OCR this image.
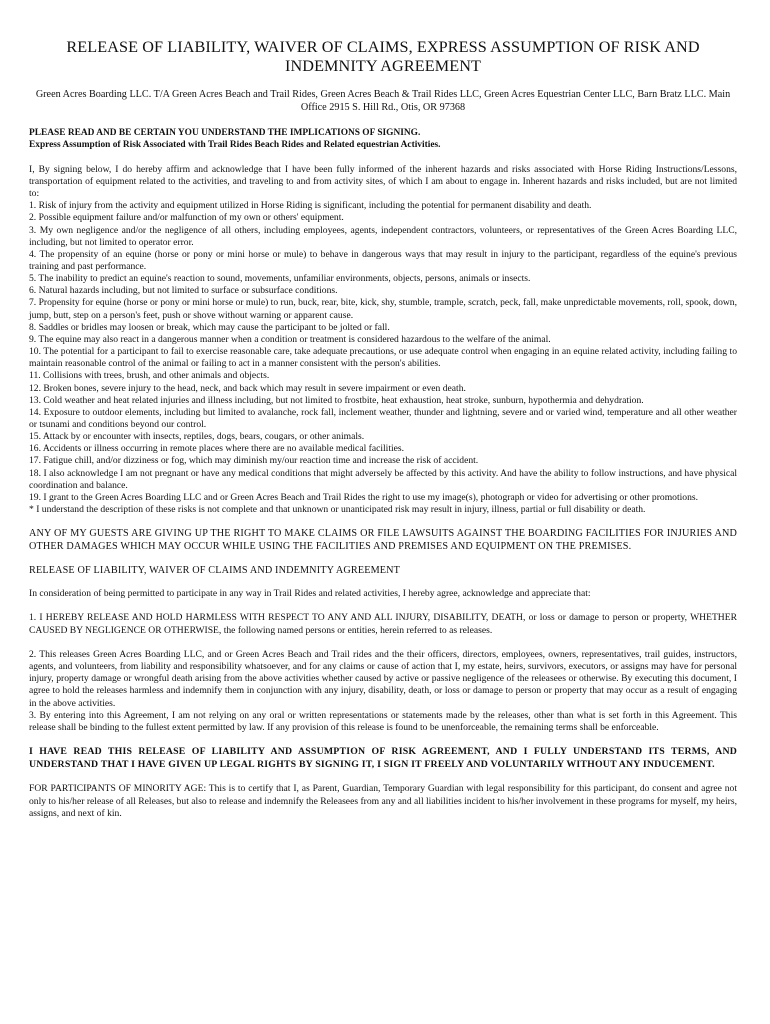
RELEASE OF LIABILITY, WAIVER OF CLAIMS, EXPRESS ASSUMPTION OF RISK AND INDEMNITY AGREEMENT
Green Acres Boarding LLC. T/A Green Acres Beach and Trail Rides, Green Acres Beach & Trail Rides LLC, Green Acres Equestrian Center LLC, Barn Bratz LLC. Main Office 2915 S. Hill Rd., Otis, OR 97368
PLEASE READ AND BE CERTAIN YOU UNDERSTAND THE IMPLICATIONS OF SIGNING.
Express Assumption of Risk Associated with Trail Rides Beach Rides and Related equestrian Activities.

I, By signing below, I do hereby affirm and acknowledge that I have been fully informed of the inherent hazards and risks associated with Horse Riding Instructions/Lessons, transportation of equipment related to the activities, and traveling to and from activity sites, of which I am about to engage in. Inherent hazards and risks included, but are not limited to:

1. Risk of injury from the activity and equipment utilized in Horse Riding is significant, including the potential for permanent disability and death.
2. Possible equipment failure and/or malfunction of my own or others' equipment.
3. My own negligence and/or the negligence of all others, including employees, agents, independent contractors, volunteers, or representatives of the Green Acres Boarding LLC, including, but not limited to operator error.
4. The propensity of an equine (horse or pony or mini horse or mule) to behave in dangerous ways that may result in injury to the participant, regardless of the equine's previous training and past performance.
5. The inability to predict an equine's reaction to sound, movements, unfamiliar environments, objects, persons, animals or insects.
6. Natural hazards including, but not limited to surface or subsurface conditions.
7. Propensity for equine (horse or pony or mini horse or mule) to run, buck, rear, bite, kick, shy, stumble, trample, scratch, peck, fall, make unpredictable movements, roll, spook, down, jump, butt, step on a person's feet, push or shove without warning or apparent cause.
8. Saddles or bridles may loosen or break, which may cause the participant to be jolted or fall.
9. The equine may also react in a dangerous manner when a condition or treatment is considered hazardous to the welfare of the animal.
10. The potential for a participant to fail to exercise reasonable care, take adequate precautions, or use adequate control when engaging in an equine related activity, including failing to maintain reasonable control of the animal or failing to act in a manner consistent with the person's abilities.
11. Collisions with trees, brush, and other animals and objects.
12. Broken bones, severe injury to the head, neck, and back which may result in severe impairment or even death.
13. Cold weather and heat related injuries and illness including, but not limited to frostbite, heat exhaustion, heat stroke, sunburn, hypothermia and dehydration.
14. Exposure to outdoor elements, including but limited to avalanche, rock fall, inclement weather, thunder and lightning, severe and or varied wind, temperature and all other weather or tsunami and conditions beyond our control.
15. Attack by or encounter with insects, reptiles, dogs, bears, cougars, or other animals.
16. Accidents or illness occurring in remote places where there are no available medical facilities.
17. Fatigue chill, and/or dizziness or fog, which may diminish my/our reaction time and increase the risk of accident.
18. I also acknowledge I am not pregnant or have any medical conditions that might adversely be affected by this activity. And have the ability to follow instructions, and have physical coordination and balance.
19. I grant to the Green Acres Boarding LLC and or Green Acres Beach and Trail Rides the right to use my image(s), photograph or video for advertising or other promotions.
* I understand the description of these risks is not complete and that unknown or unanticipated risk may result in injury, illness, partial or full disability or death.

ANY OF MY GUESTS ARE GIVING UP THE RIGHT TO MAKE CLAIMS OR FILE LAWSUITS AGAINST THE BOARDING FACILITIES FOR INJURIES AND OTHER DAMAGES WHICH MAY OCCUR WHILE USING THE FACILITIES AND PREMISES AND EQUIPMENT ON THE PREMISES.

RELEASE OF LIABILITY, WAIVER OF CLAIMS AND INDEMNITY AGREEMENT

In consideration of being permitted to participate in any way in Trail Rides and related activities, I hereby agree, acknowledge and appreciate that:

1. I HEREBY RELEASE AND HOLD HARMLESS WITH RESPECT TO ANY AND ALL INJURY, DISABILITY, DEATH, or loss or damage to person or property, WHETHER CAUSED BY NEGLIGENCE OR OTHERWISE, the following named persons or entities, herein referred to as releases.

2. This releases Green Acres Boarding LLC, and or Green Acres Beach and Trail rides and the their officers, directors, employees, owners, representatives, trail guides, instructors, agents, and volunteers, from liability and responsibility whatsoever, and for any claims or cause of action that I, my estate, heirs, survivors, executors, or assigns may have for personal injury, property damage or wrongful death arising from the above activities whether caused by active or passive negligence of the releasees or otherwise. By executing this document, I agree to hold the releases harmless and indemnify them in conjunction with any injury, disability, death, or loss or damage to person or property that may occur as a result of engaging in the above activities.

3. By entering into this Agreement, I am not relying on any oral or written representations or statements made by the releases, other than what is set forth in this Agreement. This release shall be binding to the fullest extent permitted by law. If any provision of this release is found to be unenforceable, the remaining terms shall be enforceable.

I HAVE READ THIS RELEASE OF LIABILITY AND ASSUMPTION OF RISK AGREEMENT, AND I FULLY UNDERSTAND ITS TERMS, AND UNDERSTAND THAT I HAVE GIVEN UP LEGAL RIGHTS BY SIGNING IT, I SIGN IT FREELY AND VOLUNTARILY WITHOUT ANY INDUCEMENT.

FOR PARTICIPANTS OF MINORITY AGE: This is to certify that I, as Parent, Guardian, Temporary Guardian with legal responsibility for this participant, do consent and agree not only to his/her release of all Releases, but also to release and indemnify the Releasees from any and all liabilities incident to his/her involvement in these programs for myself, my heirs, assigns, and next of kin.
